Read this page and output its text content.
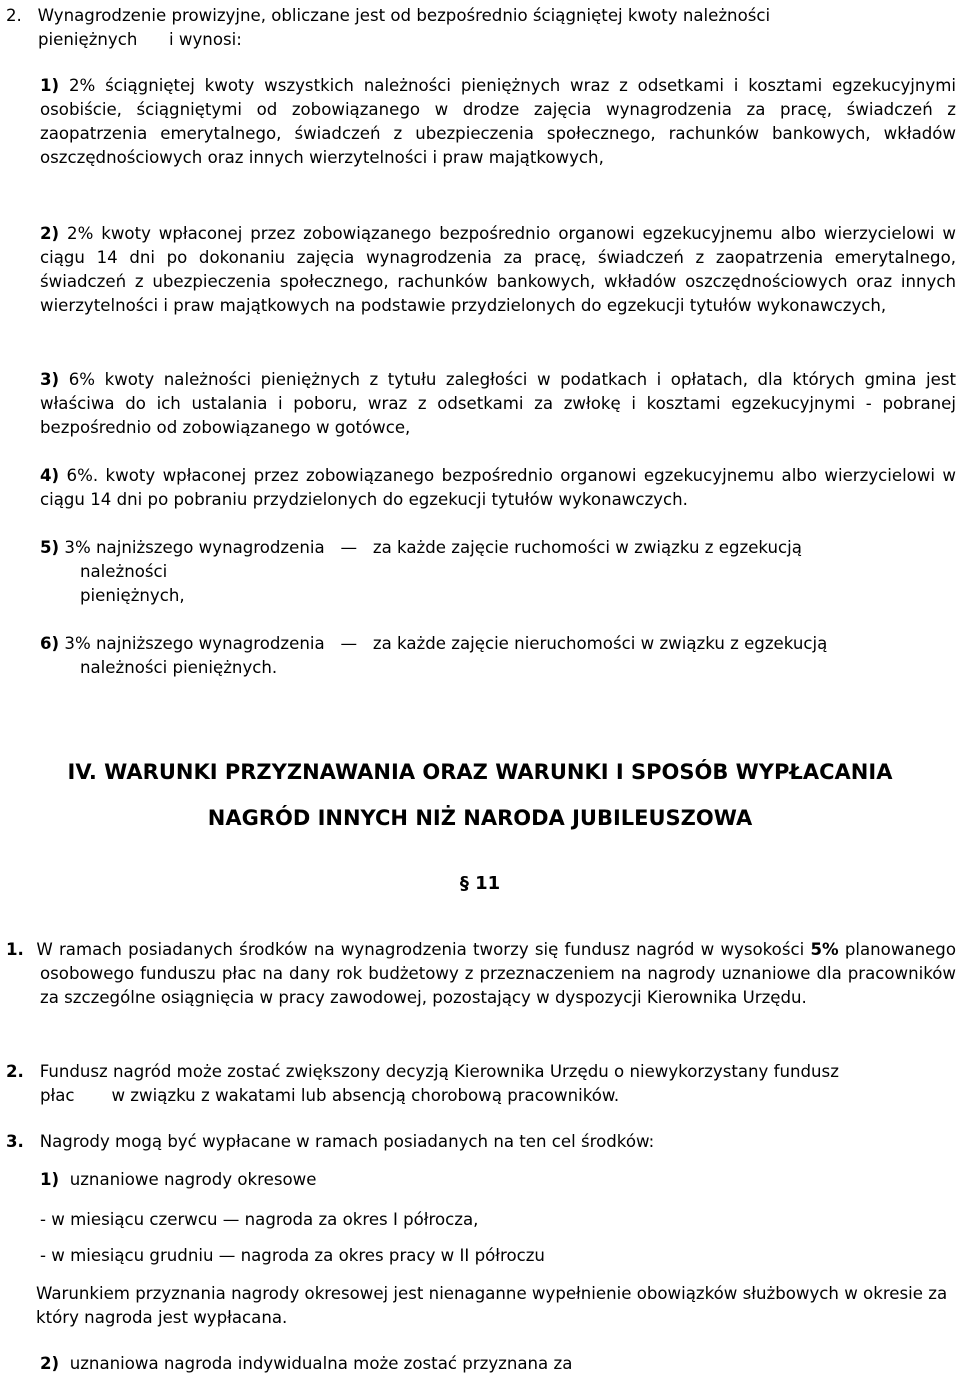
2. Wynagrodzenie prowizyjne, obliczane jest od bezpośrednio ściągniętej kwoty należności
pieniężnych      i wynosi:
1) 2% ściągniętej kwoty wszystkich należności pieniężnych wraz z odsetkami i kosztami egzekucyjnymi osobiście, ściągniętymi od zobowiązanego w drodze zajęcia wynagrodzenia za pracę, świadczeń z zaopatrzenia emerytalnego, świadczeń z ubezpieczenia społecznego, rachunków bankowych, wkładów oszczędnościowych oraz innych wierzytelności i praw majątkowych,
2) 2% kwoty wpłaconej przez zobowiązanego bezpośrednio organowi egzekucyjnemu albo wierzycielowi w ciągu 14 dni po dokonaniu zajęcia wynagrodzenia za pracę, świadczeń z zaopatrzenia emerytalnego, świadczeń z ubezpieczenia społecznego, rachunków bankowych, wkładów oszczędnościowych oraz innych wierzytelności i praw majątkowych na podstawie przydzielonych do egzekucji tytułów wykonawczych,
3) 6% kwoty należności pieniężnych z tytułu zaległości w podatkach i opłatach, dla których gmina jest właściwa do ich ustalania i poboru, wraz z odsetkami za zwłokę i kosztami egzekucyjnymi - pobranej bezpośrednio od zobowiązanego w gotówce,
4) 6%. kwoty wpłaconej przez zobowiązanego bezpośrednio organowi egzekucyjnemu albo wierzycielowi w ciągu 14 dni po pobraniu przydzielonych do egzekucji tytułów wykonawczych.
5) 3% najniższego wynagrodzenia   —   za każde zajęcie ruchomości w związku z egzekucją
należności
pieniężnych,
6) 3% najniższego wynagrodzenia   —   za każde zajęcie nieruchomości w związku z egzekucją
należności pieniężnych.
IV. WARUNKI PRZYZNAWANIA ORAZ WARUNKI I SPOSÓB WYPŁACANIA
NAGRÓD INNYCH NIŻ NARODA JUBILEUSZOWA
§ 11
1. W ramach posiadanych środków na wynagrodzenia tworzy się fundusz nagród w wysokości 5% planowanego osobowego funduszu płac na dany rok budżetowy z przeznaczeniem na nagrody uznaniowe dla pracowników za szczególne osiągnięcia w pracy zawodowej, pozostający w dyspozycji Kierownika Urzędu.
2. Fundusz nagród może zostać zwiększony decyzją Kierownika Urzędu o niewykorzystany fundusz
płac       w związku z wakatami lub absencją chorobową pracowników.
3. Nagrody mogą być wypłacane w ramach posiadanych na ten cel środków:
1) uznaniowe nagrody okresowe
- w miesiącu czerwcu — nagroda za okres I półrocza,
- w miesiącu grudniu — nagroda za okres pracy w II półroczu
Warunkiem przyznania nagrody okresowej jest nienaganne wypełnienie obowiązków służbowych w okresie za który nagroda jest wypłacana.
2) uznaniowa nagroda indywidualna może zostać przyznana za
